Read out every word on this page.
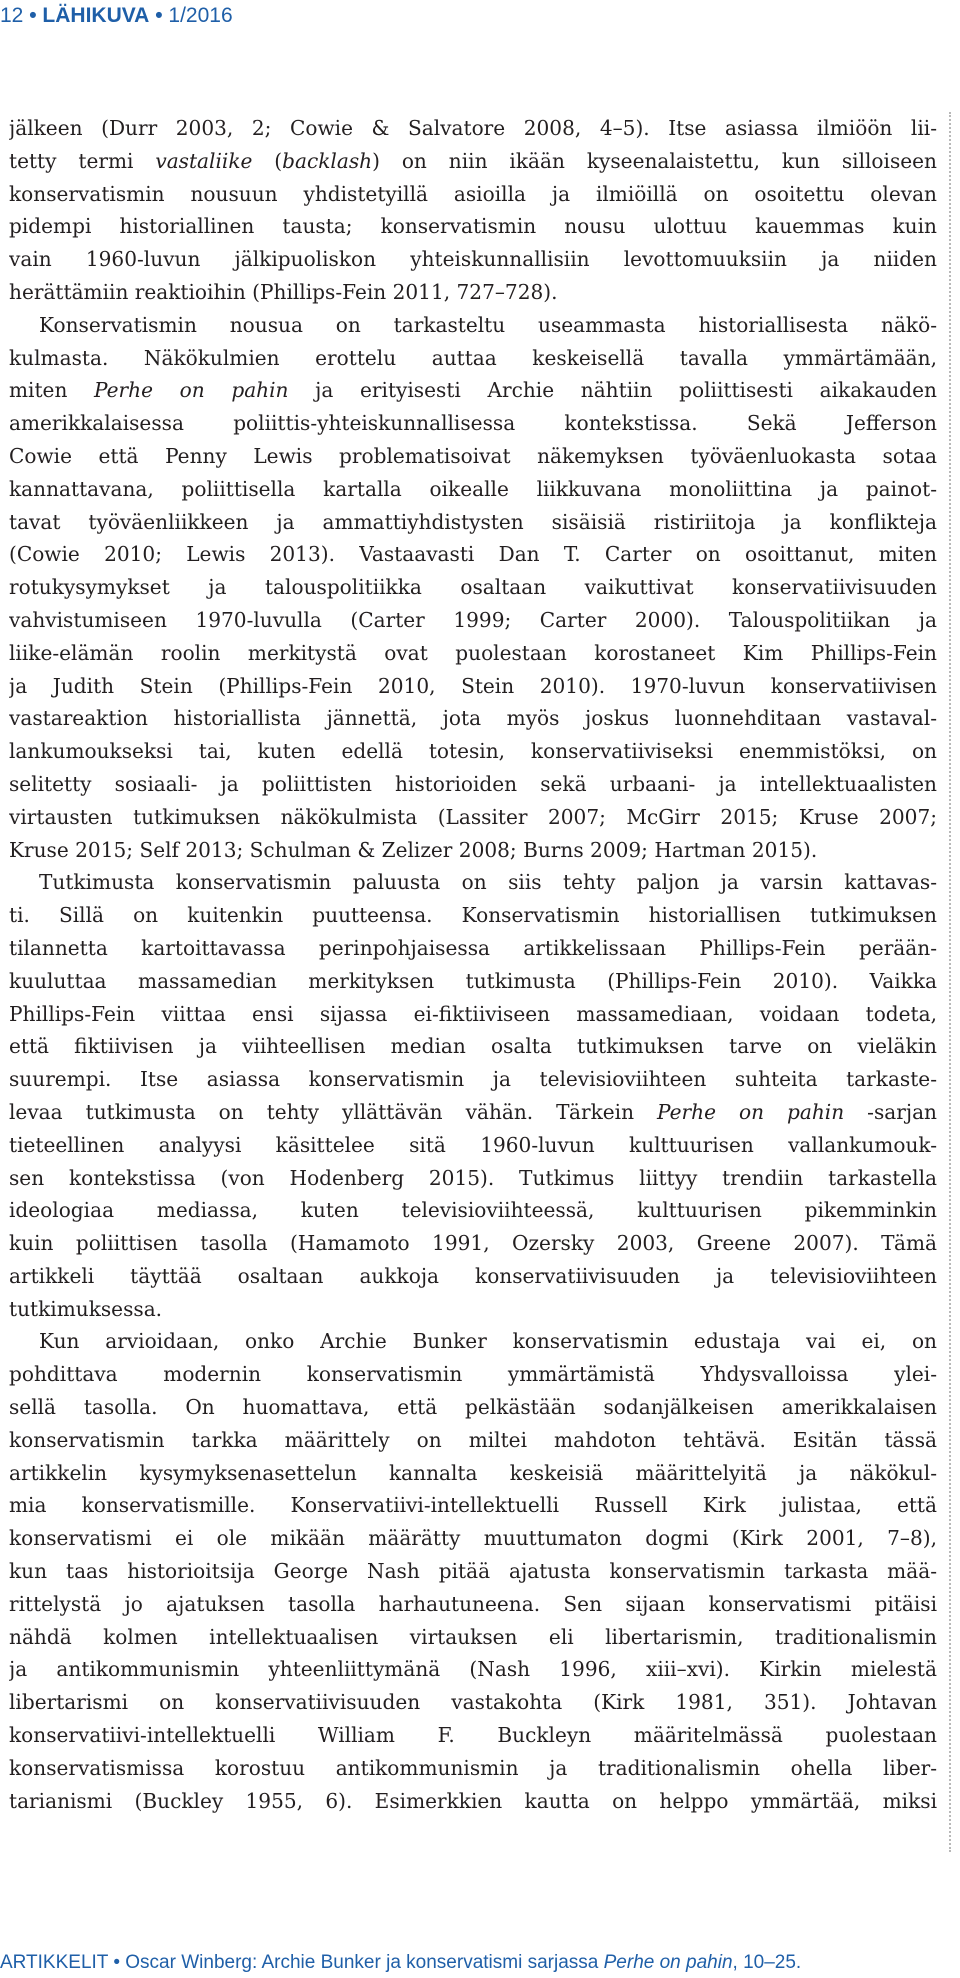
12 • LÄHIKUVA • 1/2016
jälkeen (Durr 2003, 2; Cowie & Salvatore 2008, 4–5). Itse asiassa ilmiöön lii-
tetty termi vastaliike (backlash) on niin ikään kyseenalaistettu, kun silloiseen
konservatismin nousuun yhdistetyillä asioilla ja ilmiöillä on osoitettu olevan
pidempi historiallinen tausta; konservatismin nousu ulottuu kauemmas kuin
vain 1960-luvun jälkipuoliskon yhteiskunnallisiin levottomuuksiin ja niiden
herättämiin reaktioihin (Phillips-Fein 2011, 727–728).
Konservatismin nousua on tarkasteltu useammasta historiallisesta näkö-
kulmasta. Näkökulmien erottelu auttaa keskeisellä tavalla ymmärtämään,
miten Perhe on pahin ja erityisesti Archie nähtiin poliittisesti aikakauden
amerikkalaisessa poliittis-yhteiskunnallisessa kontekstissa. Sekä Jefferson
Cowie että Penny Lewis problematisoivat näkemyksen työväenluokasta sotaa
kannattavana, poliittisella kartalla oikealle liikkuvana monoliittina ja painot-
tavat työväenliikkeen ja ammattiyhdistysten sisäisiä ristiriitoja ja konflikteja
(Cowie 2010; Lewis 2013). Vastaavasti Dan T. Carter on osoittanut, miten
rotukysymykset ja talouspolitiikka osaltaan vaikuttivat konservatiivisuuden
vahvistumiseen 1970-luvulla (Carter 1999; Carter 2000). Talouspolitiikan ja
liike-elämän roolin merkitystä ovat puolestaan korostaneet Kim Phillips-Fein
ja Judith Stein (Phillips-Fein 2010, Stein 2010). 1970-luvun konservatiivisen
vastareaktion historiallista jännettä, jota myös joskus luonnehditaan vastaval-
lankumoukseksi tai, kuten edellä totesin, konservatiiviseksi enemmistöksi, on
selitetty sosiaali- ja poliittisten historioiden sekä urbaani- ja intellektuaalisten
virtausten tutkimuksen näkökulmista (Lassiter 2007; McGirr 2015; Kruse 2007;
Kruse 2015; Self 2013; Schulman & Zelizer 2008; Burns 2009; Hartman 2015).
Tutkimusta konservatismin paluusta on siis tehty paljon ja varsin kattavas-
ti. Sillä on kuitenkin puutteensa. Konservatismin historiallisen tutkimuksen
tilannetta kartoittavassa perinpohjaisessa artikkelissaan Phillips-Fein perään-
kuuluttaa massamedian merkityksen tutkimusta (Phillips-Fein 2010). Vaikka
Phillips-Fein viittaa ensi sijassa ei-fiktiiviseen massamediaan, voidaan todeta,
että fiktiivisen ja viihteellisen median osalta tutkimuksen tarve on vieläkin
suurempi. Itse asiassa konservatismin ja televisioviihteen suhteita tarkaste-
levaa tutkimusta on tehty yllättävän vähän. Tärkein Perhe on pahin -sarjan
tieteellinen analyysi käsittelee sitä 1960-luvun kulttuurisen vallankumouk-
sen kontekstissa (von Hodenberg 2015). Tutkimus liittyy trendiin tarkastella
ideologiaa mediassa, kuten televisioviihteessä, kulttuurisen pikemminkin
kuin poliittisen tasolla (Hamamoto 1991, Ozersky 2003, Greene 2007). Tämä
artikkeli täyttää osaltaan aukkoja konservatiivisuuden ja televisioviihteen
tutkimuksessa.
Kun arvioidaan, onko Archie Bunker konservatismin edustaja vai ei, on
pohdittava modernin konservatismin ymmärtämistä Yhdysvalloissa ylei-
sellä tasolla. On huomattava, että pelkästään sodanjälkeisen amerikkalaisen
konservatismin tarkka määrittely on miltei mahdoton tehtävä. Esitän tässä
artikkelin kysymyksenasettelun kannalta keskeisiä määrittelyitä ja näkökul-
mia konservatismille. Konservatiivi-intellektuelli Russell Kirk julistaa, että
konservatismi ei ole mikään määrätty muuttumaton dogmi (Kirk 2001, 7–8),
kun taas historioitsija George Nash pitää ajatusta konservatismin tarkasta mää-
rittelystä jo ajatuksen tasolla harhautuneena. Sen sijaan konservatismi pitäisi
nähdä kolmen intellektuaalisen virtauksen eli libertarismin, traditionalismin
ja antikommunismin yhteenliittymänä (Nash 1996, xiii–xvi). Kirkin mielestä
libertarismi on konservatiivisuuden vastakohta (Kirk 1981, 351). Johtavan
konservatiivi-intellektuelli William F. Buckleyn määritelmässä puolestaan
konservatismissa korostuu antikommunismin ja traditionalismin ohella liber-
tarianismi (Buckley 1955, 6). Esimerkkien kautta on helppo ymmärtää, miksi
ARTIKKELIT • Oscar Winberg: Archie Bunker ja konservatismi sarjassa Perhe on pahin, 10–25.
